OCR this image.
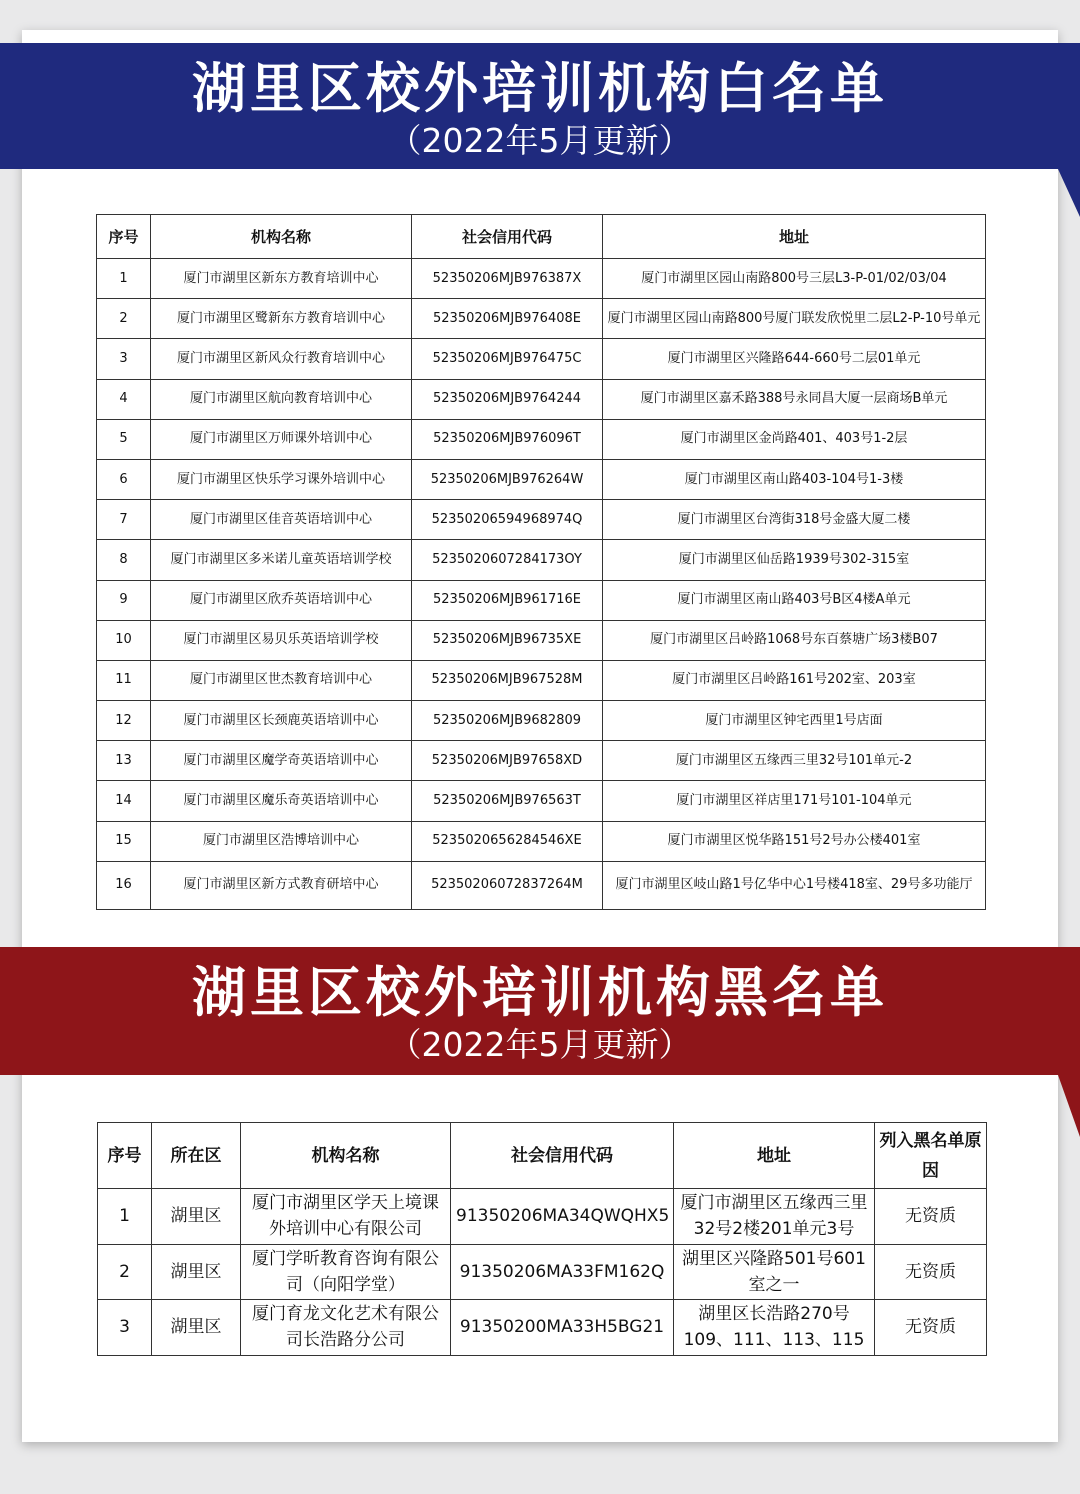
湖里区校外培训机构白名单
（2022年5月更新）
序号	机构名称	社会信用代码	地址
1	厦门市湖里区新东方教育培训中心	52350206MJB976387X	厦门市湖里区园山南路800号三层L3-P-01/02/03/04
2	厦门市湖里区鹭新东方教育培训中心	52350206MJB976408E	厦门市湖里区园山南路800号厦门联发欣悦里二层L2-P-10号单元
3	厦门市湖里区新风众行教育培训中心	52350206MJB976475C	厦门市湖里区兴隆路644-660号二层01单元
4	厦门市湖里区航向教育培训中心	52350206MJB9764244	厦门市湖里区嘉禾路388号永同昌大厦一层商场B单元
5	厦门市湖里区万师课外培训中心	52350206MJB976096T	厦门市湖里区金尚路401、403号1-2层
6	厦门市湖里区快乐学习课外培训中心	52350206MJB976264W	厦门市湖里区南山路403-104号1-3楼
7	厦门市湖里区佳音英语培训中心	52350206594968974Q	厦门市湖里区台湾街318号金盛大厦二楼
8	厦门市湖里区多米诺儿童英语培训学校	5235020607284173OY	厦门市湖里区仙岳路1939号302-315室
9	厦门市湖里区欣乔英语培训中心	52350206MJB961716E	厦门市湖里区南山路403号B区4楼A单元
10	厦门市湖里区易贝乐英语培训学校	52350206MJB96735XE	厦门市湖里区吕岭路1068号东百蔡塘广场3楼B07
11	厦门市湖里区世杰教育培训中心	52350206MJB967528M	厦门市湖里区吕岭路161号202室、203室
12	厦门市湖里区长颈鹿英语培训中心	52350206MJB9682809	厦门市湖里区钟宅西里1号店面
13	厦门市湖里区魔学奇英语培训中心	52350206MJB97658XD	厦门市湖里区五缘西三里32号101单元-2
14	厦门市湖里区魔乐奇英语培训中心	52350206MJB976563T	厦门市湖里区祥店里171号101-104单元
15	厦门市湖里区浩博培训中心	5235020656284546XE	厦门市湖里区悦华路151号2号办公楼401室
16	厦门市湖里区新方式教育研培中心	52350206072837264M	厦门市湖里区岐山路1号亿华中心1号楼418室、29号多功能厅
湖里区校外培训机构黑名单
（2022年5月更新）
序号	所在区	机构名称	社会信用代码	地址	列入黑名单原因
1	湖里区	厦门市湖里区学天上境课外培训中心有限公司	91350206MA34QWQHX5	厦门市湖里区五缘西三里32号2楼201单元3号	无资质
2	湖里区	厦门学昕教育咨询有限公司（向阳学堂）	91350206MA33FM162Q	湖里区兴隆路501号601室之一	无资质
3	湖里区	厦门育龙文化艺术有限公司长浩路分公司	91350200MA33H5BG21	湖里区长浩路270号109、111、113、115	无资质
